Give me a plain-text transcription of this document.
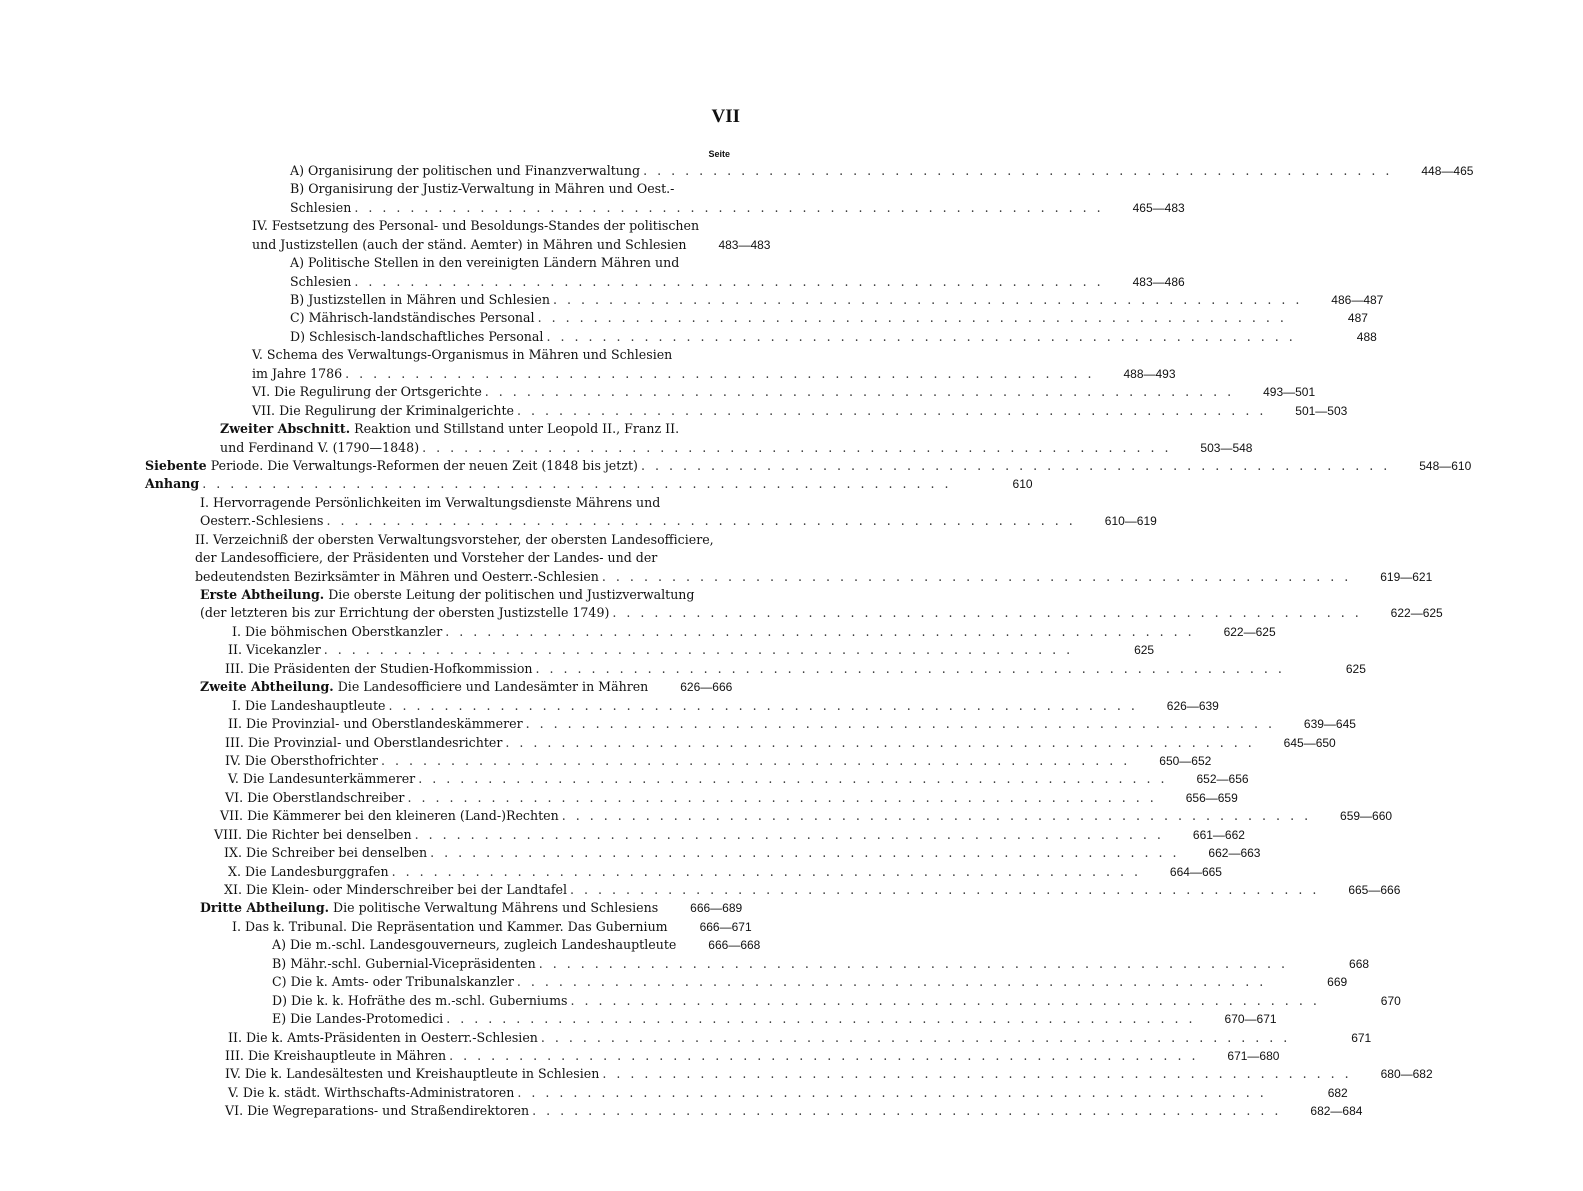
VII
Seite
A) Organisirung der politischen und Finanzverwaltung . . . . . . . . . . . . . . . . . . . . . . . . . . . . . . . . . . . . . . . . . . . . . . . . . . . . . .	448—465
B) Organisirung der Justiz-Verwaltung in Mähren und Oest.-
Schlesien . . . . . . . . . . . . . . . . . . . . . . . . . . . . . . . . . . . . . . . . . . . . . . . . . . . . . .	465—483
IV. Festsetzung des Personal- und Besoldungs-Standes der politischen
und Justizstellen (auch der ständ. Aemter) in Mähren und Schlesien	483—483
A) Politische Stellen in den vereinigten Ländern Mähren und
Schlesien . . . . . . . . . . . . . . . . . . . . . . . . . . . . . . . . . . . . . . . . . . . . . . . . . . . . . .	483—486
B) Justizstellen in Mähren und Schlesien . . . . . . . . . . . . . . . . . . . . . . . . . . . . . . . . . . . . . . . . . . . . . . . . . . . . . .	486—487
C) Mährisch-landständisches Personal . . . . . . . . . . . . . . . . . . . . . . . . . . . . . . . . . . . . . . . . . . . . . . . . . . . . . .	487
D) Schlesisch-landschaftliches Personal . . . . . . . . . . . . . . . . . . . . . . . . . . . . . . . . . . . . . . . . . . . . . . . . . . . . . .	488
V. Schema des Verwaltungs-Organismus in Mähren und Schlesien
im Jahre 1786 . . . . . . . . . . . . . . . . . . . . . . . . . . . . . . . . . . . . . . . . . . . . . . . . . . . . . .	488—493
VI. Die Regulirung der Ortsgerichte . . . . . . . . . . . . . . . . . . . . . . . . . . . . . . . . . . . . . . . . . . . . . . . . . . . . . .	493—501
VII. Die Regulirung der Kriminalgerichte . . . . . . . . . . . . . . . . . . . . . . . . . . . . . . . . . . . . . . . . . . . . . . . . . . . . . .	501—503
Zweiter Abschnitt. Reaktion und Stillstand unter Leopold II., Franz II.
und Ferdinand V. (1790—1848) . . . . . . . . . . . . . . . . . . . . . . . . . . . . . . . . . . . . . . . . . . . . . . . . . . . . . .	503—548
Siebente Periode. Die Verwaltungs-Reformen der neuen Zeit (1848 bis jetzt) . . . . . . . . . . . . . . . . . . . . . . . . . . . . . . . . . . . . . . . . . . . . . . . . . . . . . .	548—610
Anhang . . . . . . . . . . . . . . . . . . . . . . . . . . . . . . . . . . . . . . . . . . . . . . . . . . . . . .	610
I. Hervorragende Persönlichkeiten im Verwaltungsdienste Mährens und
Oesterr.-Schlesiens . . . . . . . . . . . . . . . . . . . . . . . . . . . . . . . . . . . . . . . . . . . . . . . . . . . . . .	610—619
II. Verzeichniß der obersten Verwaltungsvorsteher, der obersten Landesofficiere,
der Landesofficiere, der Präsidenten und Vorsteher der Landes- und der
bedeutendsten Bezirksämter in Mähren und Oesterr.-Schlesien . . . . . . . . . . . . . . . . . . . . . . . . . . . . . . . . . . . . . . . . . . . . . . . . . . . . . .	619—621
Erste Abtheilung. Die oberste Leitung der politischen und Justizverwaltung
(der letzteren bis zur Errichtung der obersten Justizstelle 1749) . . . . . . . . . . . . . . . . . . . . . . . . . . . . . . . . . . . . . . . . . . . . . . . . . . . . . .	622—625
I. Die böhmischen Oberstkanzler . . . . . . . . . . . . . . . . . . . . . . . . . . . . . . . . . . . . . . . . . . . . . . . . . . . . . .	622—625
II. Vicekanzler . . . . . . . . . . . . . . . . . . . . . . . . . . . . . . . . . . . . . . . . . . . . . . . . . . . . . .	625
III. Die Präsidenten der Studien-Hofkommission . . . . . . . . . . . . . . . . . . . . . . . . . . . . . . . . . . . . . . . . . . . . . . . . . . . . . .	625
Zweite Abtheilung. Die Landesofficiere und Landesämter in Mähren	626—666
I. Die Landeshauptleute . . . . . . . . . . . . . . . . . . . . . . . . . . . . . . . . . . . . . . . . . . . . . . . . . . . . . .	626—639
II. Die Provinzial- und Oberstlandeskämmerer . . . . . . . . . . . . . . . . . . . . . . . . . . . . . . . . . . . . . . . . . . . . . . . . . . . . . .	639—645
III. Die Provinzial- und Oberstlandesrichter . . . . . . . . . . . . . . . . . . . . . . . . . . . . . . . . . . . . . . . . . . . . . . . . . . . . . .	645—650
IV. Die Obersthofrichter . . . . . . . . . . . . . . . . . . . . . . . . . . . . . . . . . . . . . . . . . . . . . . . . . . . . . .	650—652
V. Die Landesunterkämmerer . . . . . . . . . . . . . . . . . . . . . . . . . . . . . . . . . . . . . . . . . . . . . . . . . . . . . .	652—656
VI. Die Oberstlandschreiber . . . . . . . . . . . . . . . . . . . . . . . . . . . . . . . . . . . . . . . . . . . . . . . . . . . . . .	656—659
VII. Die Kämmerer bei den kleineren (Land-)Rechten . . . . . . . . . . . . . . . . . . . . . . . . . . . . . . . . . . . . . . . . . . . . . . . . . . . . . .	659—660
VIII. Die Richter bei denselben . . . . . . . . . . . . . . . . . . . . . . . . . . . . . . . . . . . . . . . . . . . . . . . . . . . . . .	661—662
IX. Die Schreiber bei denselben . . . . . . . . . . . . . . . . . . . . . . . . . . . . . . . . . . . . . . . . . . . . . . . . . . . . . .	662—663
X. Die Landesburggrafen . . . . . . . . . . . . . . . . . . . . . . . . . . . . . . . . . . . . . . . . . . . . . . . . . . . . . .	664—665
XI. Die Klein- oder Minderschreiber bei der Landtafel . . . . . . . . . . . . . . . . . . . . . . . . . . . . . . . . . . . . . . . . . . . . . . . . . . . . . .	665—666
Dritte Abtheilung. Die politische Verwaltung Mährens und Schlesiens	666—689
I. Das k. Tribunal. Die Repräsentation und Kammer. Das Gubernium	666—671
A) Die m.-schl. Landesgouverneurs, zugleich Landeshauptleute	666—668
B) Mähr.-schl. Gubernial-Vicepräsidenten . . . . . . . . . . . . . . . . . . . . . . . . . . . . . . . . . . . . . . . . . . . . . . . . . . . . . .	668
C) Die k. Amts- oder Tribunalskanzler . . . . . . . . . . . . . . . . . . . . . . . . . . . . . . . . . . . . . . . . . . . . . . . . . . . . . .	669
D) Die k. k. Hofräthe des m.-schl. Guberniums . . . . . . . . . . . . . . . . . . . . . . . . . . . . . . . . . . . . . . . . . . . . . . . . . . . . . .	670
E) Die Landes-Protomedici . . . . . . . . . . . . . . . . . . . . . . . . . . . . . . . . . . . . . . . . . . . . . . . . . . . . . .	670—671
II. Die k. Amts-Präsidenten in Oesterr.-Schlesien . . . . . . . . . . . . . . . . . . . . . . . . . . . . . . . . . . . . . . . . . . . . . . . . . . . . . .	671
III. Die Kreishauptleute in Mähren . . . . . . . . . . . . . . . . . . . . . . . . . . . . . . . . . . . . . . . . . . . . . . . . . . . . . .	671—680
IV. Die k. Landesältesten und Kreishauptleute in Schlesien . . . . . . . . . . . . . . . . . . . . . . . . . . . . . . . . . . . . . . . . . . . . . . . . . . . . . .	680—682
V. Die k. städt. Wirthschafts-Administratoren . . . . . . . . . . . . . . . . . . . . . . . . . . . . . . . . . . . . . . . . . . . . . . . . . . . . . .	682
VI. Die Wegreparations- und Straßendirektoren . . . . . . . . . . . . . . . . . . . . . . . . . . . . . . . . . . . . . . . . . . . . . . . . . . . . . .	682—684
